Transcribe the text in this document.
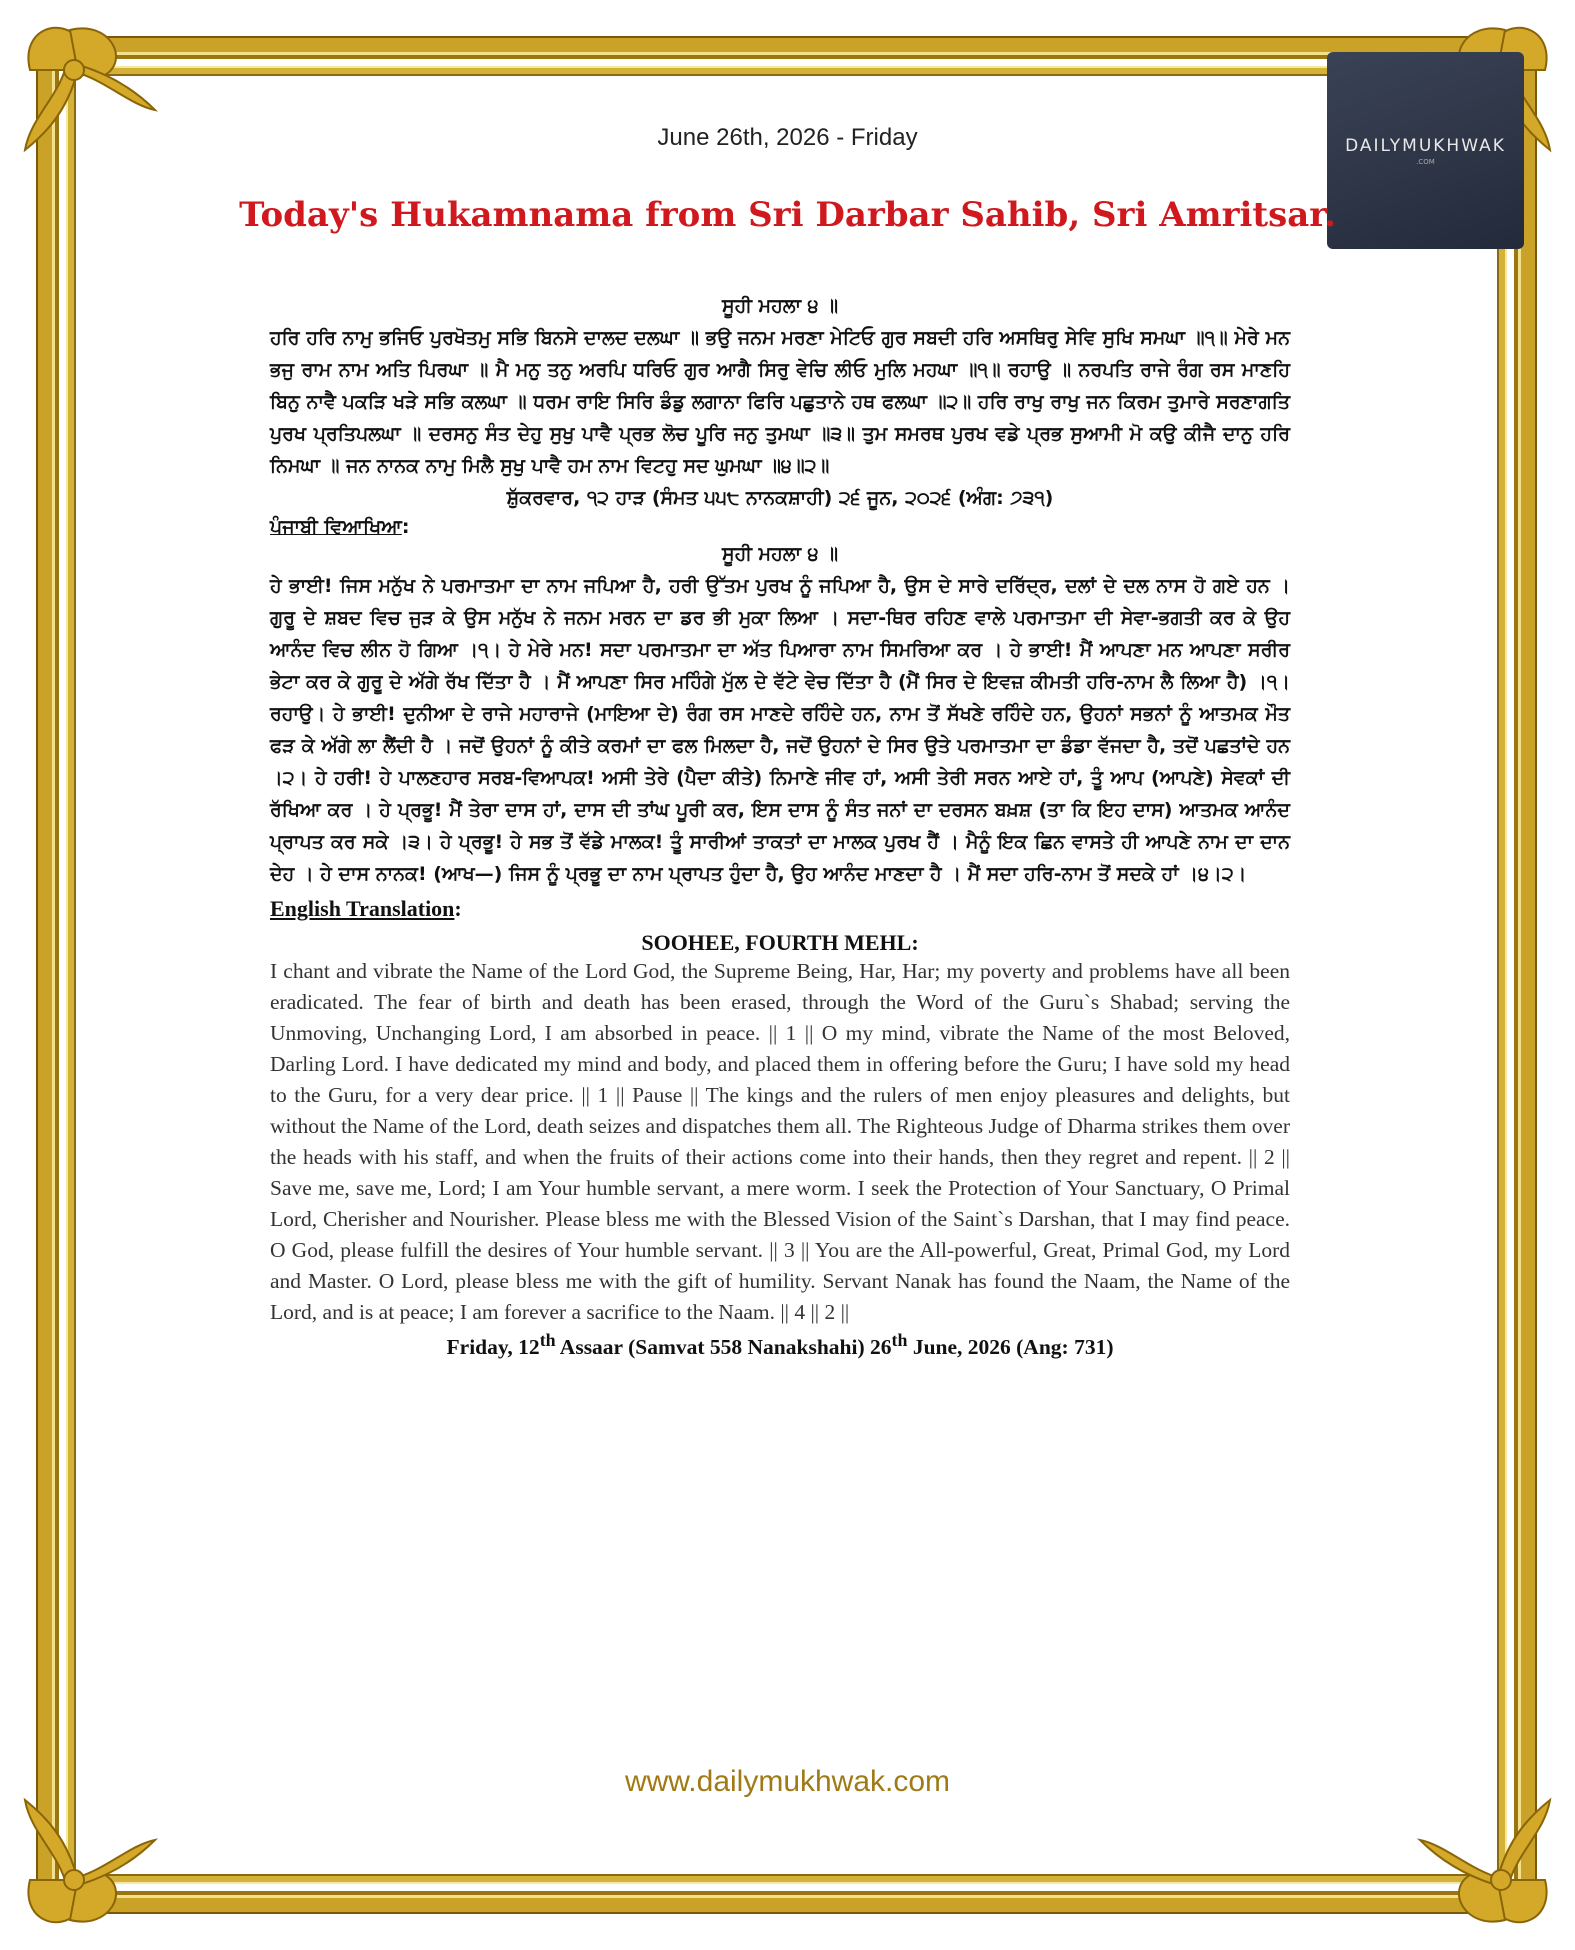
DAILYMUKHWAK
.COM
June 26th, 2026 - Friday
Today's Hukamnama from Sri Darbar Sahib, Sri Amritsar.
ਸੂਹੀ ਮਹਲਾ ੪ ॥
ਹਰਿ ਹਰਿ ਨਾਮੁ ਭਜਿਓ ਪੁਰਖੋਤਮੁ ਸਭਿ ਬਿਨਸੇ ਦਾਲਦ ਦਲਘਾ ॥ ਭਉ ਜਨਮ ਮਰਣਾ ਮੇਟਿਓ ਗੁਰ ਸਬਦੀ ਹਰਿ ਅਸਥਿਰੁ ਸੇਵਿ ਸੁਖਿ ਸਮਘਾ ॥੧॥ ਮੇਰੇ ਮਨ ਭਜੁ ਰਾਮ ਨਾਮ ਅਤਿ ਪਿਰਘਾ ॥ ਮੈ ਮਨੁ ਤਨੁ ਅਰਪਿ ਧਰਿਓ ਗੁਰ ਆਗੈ ਸਿਰੁ ਵੇਚਿ ਲੀਓ ਮੁਲਿ ਮਹਘਾ ॥੧॥ ਰਹਾਉ ॥ ਨਰਪਤਿ ਰਾਜੇ ਰੰਗ ਰਸ ਮਾਣਹਿ ਬਿਨੁ ਨਾਵੈ ਪਕੜਿ ਖੜੇ ਸਭਿ ਕਲਘਾ ॥ ਧਰਮ ਰਾਇ ਸਿਰਿ ਡੰਡੁ ਲਗਾਨਾ ਫਿਰਿ ਪਛੁਤਾਨੇ ਹਥ ਫਲਘਾ ॥੨॥ ਹਰਿ ਰਾਖੁ ਰਾਖੁ ਜਨ ਕਿਰਮ ਤੁਮਾਰੇ ਸਰਣਾਗਤਿ ਪੁਰਖ ਪ੍ਰਤਿਪਲਘਾ ॥ ਦਰਸਨੁ ਸੰਤ ਦੇਹੁ ਸੁਖੁ ਪਾਵੈ ਪ੍ਰਭ ਲੋਚ ਪੂਰਿ ਜਨੁ ਤੁਮਘਾ ॥੩॥ ਤੁਮ ਸਮਰਥ ਪੁਰਖ ਵਡੇ ਪ੍ਰਭ ਸੁਆਮੀ ਮੋ ਕਉ ਕੀਜੈ ਦਾਨੁ ਹਰਿ ਨਿਮਘਾ ॥ ਜਨ ਨਾਨਕ ਨਾਮੁ ਮਿਲੈ ਸੁਖੁ ਪਾਵੈ ਹਮ ਨਾਮ ਵਿਟਹੁ ਸਦ ਘੁਮਘਾ ॥੪॥੨॥
ਸ਼ੁੱਕਰਵਾਰ, ੧੨ ਹਾੜ (ਸੰਮਤ ੫੫੮ ਨਾਨਕਸ਼ਾਹੀ) ੨੬ ਜੂਨ, ੨੦੨੬ (ਅੰਗ: ੭੩੧)
ਪੰਜਾਬੀ ਵਿਆਖਿਆ:
ਸੂਹੀ ਮਹਲਾ ੪ ॥
ਹੇ ਭਾਈ! ਜਿਸ ਮਨੁੱਖ ਨੇ ਪਰਮਾਤਮਾ ਦਾ ਨਾਮ ਜਪਿਆ ਹੈ, ਹਰੀ ਉੱਤਮ ਪੁਰਖ ਨੂੰ ਜਪਿਆ ਹੈ, ਉਸ ਦੇ ਸਾਰੇ ਦਰਿੱਦ੍ਰ, ਦਲਾਂ ਦੇ ਦਲ ਨਾਸ ਹੋ ਗਏ ਹਨ । ਗੁਰੂ ਦੇ ਸ਼ਬਦ ਵਿਚ ਜੁੜ ਕੇ ਉਸ ਮਨੁੱਖ ਨੇ ਜਨਮ ਮਰਨ ਦਾ ਡਰ ਭੀ ਮੁਕਾ ਲਿਆ । ਸਦਾ-ਥਿਰ ਰਹਿਣ ਵਾਲੇ ਪਰਮਾਤਮਾ ਦੀ ਸੇਵਾ-ਭਗਤੀ ਕਰ ਕੇ ਉਹ ਆਨੰਦ ਵਿਚ ਲੀਨ ਹੋ ਗਿਆ ।੧। ਹੇ ਮੇਰੇ ਮਨ! ਸਦਾ ਪਰਮਾਤਮਾ ਦਾ ਅੱਤ ਪਿਆਰਾ ਨਾਮ ਸਿਮਰਿਆ ਕਰ । ਹੇ ਭਾਈ! ਮੈਂ ਆਪਣਾ ਮਨ ਆਪਣਾ ਸਰੀਰ ਭੇਟਾ ਕਰ ਕੇ ਗੁਰੂ ਦੇ ਅੱਗੇ ਰੱਖ ਦਿੱਤਾ ਹੈ । ਮੈਂ ਆਪਣਾ ਸਿਰ ਮਹਿੰਗੇ ਮੁੱਲ ਦੇ ਵੱਟੇ ਵੇਚ ਦਿੱਤਾ ਹੈ (ਮੈਂ ਸਿਰ ਦੇ ਇਵਜ਼ ਕੀਮਤੀ ਹਰਿ-ਨਾਮ ਲੈ ਲਿਆ ਹੈ) ।੧।ਰਹਾਉ। ਹੇ ਭਾਈ! ਦੁਨੀਆ ਦੇ ਰਾਜੇ ਮਹਾਰਾਜੇ (ਮਾਇਆ ਦੇ) ਰੰਗ ਰਸ ਮਾਣਦੇ ਰਹਿੰਦੇ ਹਨ, ਨਾਮ ਤੋਂ ਸੱਖਣੇ ਰਹਿੰਦੇ ਹਨ, ਉਹਨਾਂ ਸਭਨਾਂ ਨੂੰ ਆਤਮਕ ਮੌਤ ਫੜ ਕੇ ਅੱਗੇ ਲਾ ਲੈਂਦੀ ਹੈ । ਜਦੋਂ ਉਹਨਾਂ ਨੂੰ ਕੀਤੇ ਕਰਮਾਂ ਦਾ ਫਲ ਮਿਲਦਾ ਹੈ, ਜਦੋਂ ਉਹਨਾਂ ਦੇ ਸਿਰ ਉਤੇ ਪਰਮਾਤਮਾ ਦਾ ਡੰਡਾ ਵੱਜਦਾ ਹੈ, ਤਦੋਂ ਪਛਤਾਂਦੇ ਹਨ ।੨। ਹੇ ਹਰੀ! ਹੇ ਪਾਲਣਹਾਰ ਸਰਬ-ਵਿਆਪਕ! ਅਸੀ ਤੇਰੇ (ਪੈਦਾ ਕੀਤੇ) ਨਿਮਾਣੇ ਜੀਵ ਹਾਂ, ਅਸੀ ਤੇਰੀ ਸਰਨ ਆਏ ਹਾਂ, ਤੂੰ ਆਪ (ਆਪਣੇ) ਸੇਵਕਾਂ ਦੀ ਰੱਖਿਆ ਕਰ । ਹੇ ਪ੍ਰਭੂ! ਮੈਂ ਤੇਰਾ ਦਾਸ ਹਾਂ, ਦਾਸ ਦੀ ਤਾਂਘ ਪੂਰੀ ਕਰ, ਇਸ ਦਾਸ ਨੂੰ ਸੰਤ ਜਨਾਂ ਦਾ ਦਰਸਨ ਬਖ਼ਸ਼ (ਤਾ ਕਿ ਇਹ ਦਾਸ) ਆਤਮਕ ਆਨੰਦ ਪ੍ਰਾਪਤ ਕਰ ਸਕੇ ।੩। ਹੇ ਪ੍ਰਭੂ! ਹੇ ਸਭ ਤੋਂ ਵੱਡੇ ਮਾਲਕ! ਤੂੰ ਸਾਰੀਆਂ ਤਾਕਤਾਂ ਦਾ ਮਾਲਕ ਪੁਰਖ ਹੈਂ । ਮੈਨੂੰ ਇਕ ਛਿਨ ਵਾਸਤੇ ਹੀ ਆਪਣੇ ਨਾਮ ਦਾ ਦਾਨ ਦੇਹ । ਹੇ ਦਾਸ ਨਾਨਕ! (ਆਖ—) ਜਿਸ ਨੂੰ ਪ੍ਰਭੂ ਦਾ ਨਾਮ ਪ੍ਰਾਪਤ ਹੁੰਦਾ ਹੈ, ਉਹ ਆਨੰਦ ਮਾਣਦਾ ਹੈ । ਮੈਂ ਸਦਾ ਹਰਿ-ਨਾਮ ਤੋਂ ਸਦਕੇ ਹਾਂ ।੪।੨।
English Translation:
SOOHEE, FOURTH MEHL:
I chant and vibrate the Name of the Lord God, the Supreme Being, Har, Har; my poverty and problems have all been eradicated. The fear of birth and death has been erased, through the Word of the Guru`s Shabad; serving the Unmoving, Unchanging Lord, I am absorbed in peace. || 1 || O my mind, vibrate the Name of the most Beloved, Darling Lord. I have dedicated my mind and body, and placed them in offering before the Guru; I have sold my head to the Guru, for a very dear price. || 1 || Pause || The kings and the rulers of men enjoy pleasures and delights, but without the Name of the Lord, death seizes and dispatches them all. The Righteous Judge of Dharma strikes them over the heads with his staff, and when the fruits of their actions come into their hands, then they regret and repent. || 2 || Save me, save me, Lord; I am Your humble servant, a mere worm. I seek the Protection of Your Sanctuary, O Primal Lord, Cherisher and Nourisher. Please bless me with the Blessed Vision of the Saint`s Darshan, that I may find peace. O God, please fulfill the desires of Your humble servant. || 3 || You are the All-powerful, Great, Primal God, my Lord and Master. O Lord, please bless me with the gift of humility. Servant Nanak has found the Naam, the Name of the Lord, and is at peace; I am forever a sacrifice to the Naam. || 4 || 2 ||
Friday, 12th Assaar (Samvat 558 Nanakshahi) 26th June, 2026 (Ang: 731)
www.dailymukhwak.com
